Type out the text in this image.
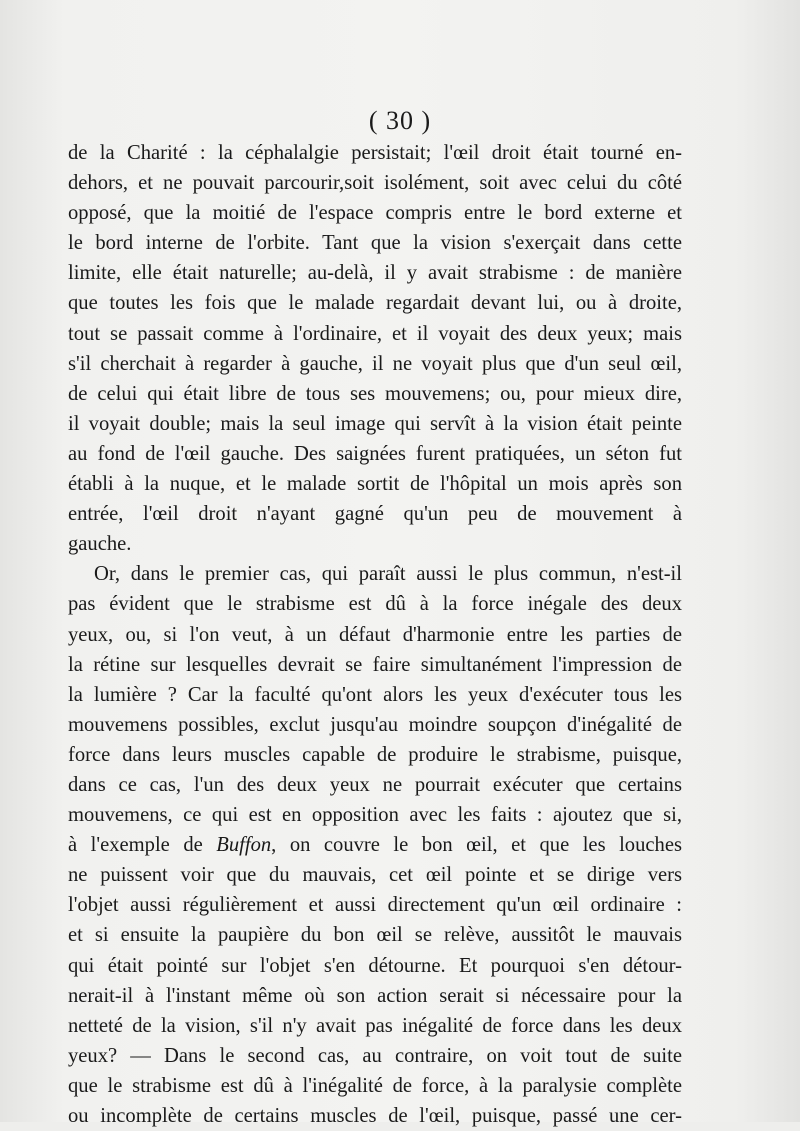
( 30 )
de la Charité : la céphalalgie persistait; l'œil droit était tourné en-
dehors, et ne pouvait parcourir,soit isolément, soit avec celui du côté
opposé, que la moitié de l'espace compris entre le bord externe et
le bord interne de l'orbite. Tant que la vision s'exerçait dans cette
limite, elle était naturelle; au-delà, il y avait strabisme : de manière
que toutes les fois que le malade regardait devant lui, ou à droite,
tout se passait comme à l'ordinaire, et il voyait des deux yeux; mais
s'il cherchait à regarder à gauche, il ne voyait plus que d'un seul œil,
de celui qui était libre de tous ses mouvemens; ou, pour mieux dire,
il voyait double; mais la seul image qui servît à la vision était peinte
au fond de l'œil gauche. Des saignées furent pratiquées, un séton fut
établi à la nuque, et le malade sortit de l'hôpital un mois après son
entrée, l'œil droit n'ayant gagné qu'un peu de mouvement à
gauche.
Or, dans le premier cas, qui paraît aussi le plus commun, n'est-il
pas évident que le strabisme est dû à la force inégale des deux
yeux, ou, si l'on veut, à un défaut d'harmonie entre les parties de
la rétine sur lesquelles devrait se faire simultanément l'impression de
la lumière ? Car la faculté qu'ont alors les yeux d'exécuter tous les
mouvemens possibles, exclut jusqu'au moindre soupçon d'inégalité de
force dans leurs muscles capable de produire le strabisme, puisque,
dans ce cas, l'un des deux yeux ne pourrait exécuter que certains
mouvemens, ce qui est en opposition avec les faits : ajoutez que si,
à l'exemple de Buffon, on couvre le bon œil, et que les louches
ne puissent voir que du mauvais, cet œil pointe et se dirige vers
l'objet aussi régulièrement et aussi directement qu'un œil ordinaire :
et si ensuite la paupière du bon œil se relève, aussitôt le mauvais
qui était pointé sur l'objet s'en détourne. Et pourquoi s'en détour-
nerait-il à l'instant même où son action serait si nécessaire pour la
netteté de la vision, s'il n'y avait pas inégalité de force dans les deux
yeux? — Dans le second cas, au contraire, on voit tout de suite
que le strabisme est dû à l'inégalité de force, à la paralysie complète
ou incomplète de certains muscles de l'œil, puisque, passé une cer-
